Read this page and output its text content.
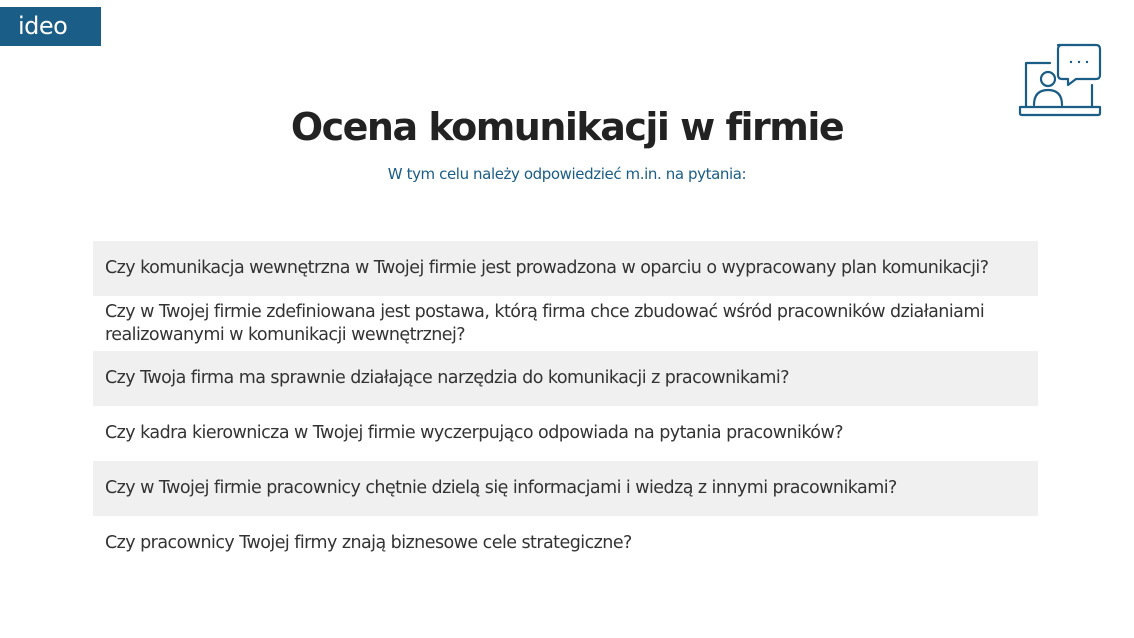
ideo
Ocena komunikacji w firmie
W tym celu należy odpowiedzieć m.in. na pytania:
Czy komunikacja wewnętrzna w Twojej firmie jest prowadzona w oparciu o wypracowany plan komunikacji?
Czy w Twojej firmie zdefiniowana jest postawa, którą firma chce zbudować wśród pracowników działaniami realizowanymi w komunikacji wewnętrznej?
Czy Twoja firma ma sprawnie działające narzędzia do komunikacji z pracownikami?
Czy kadra kierownicza w Twojej firmie wyczerpująco odpowiada na pytania pracowników?
Czy w Twojej firmie pracownicy chętnie dzielą się informacjami i wiedzą z innymi pracownikami?
Czy pracownicy Twojej firmy znają biznesowe cele strategiczne?
